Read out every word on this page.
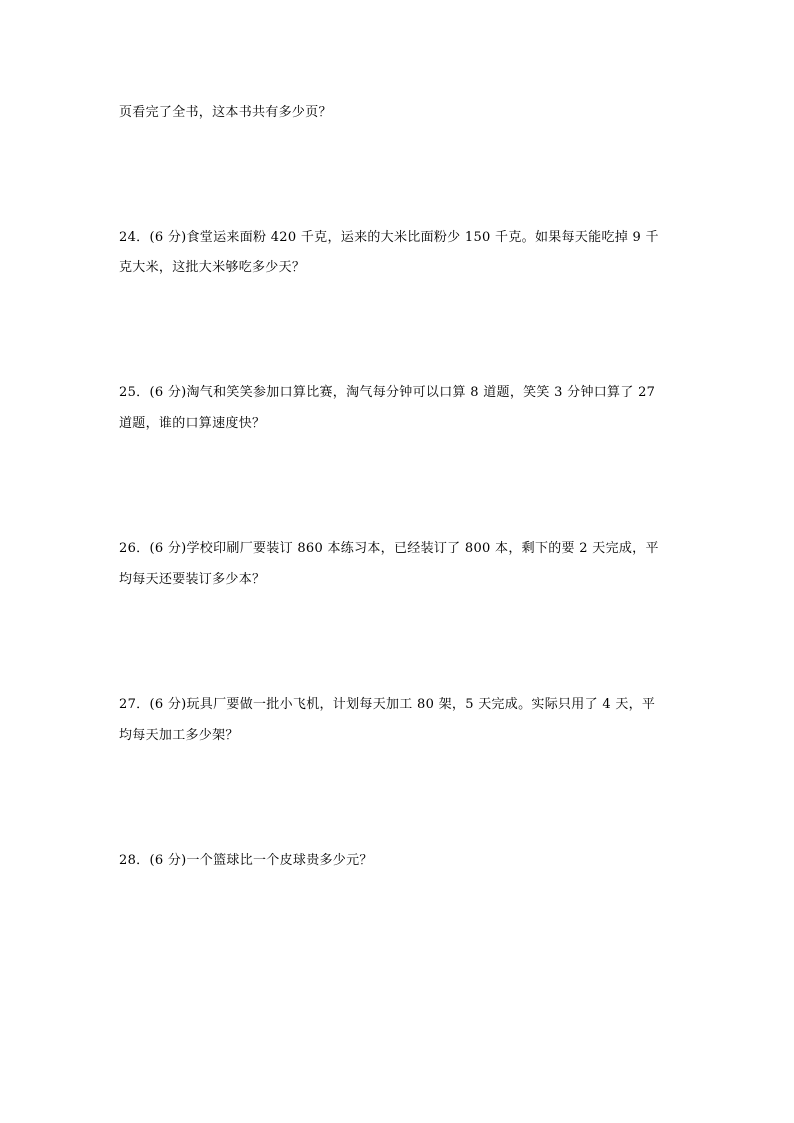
页看完了全书，这本书共有多少页？
24．(6 分)食堂运来面粉 420 千克，运来的大米比面粉少 150 千克。如果每天能吃掉 9 千
克大米，这批大米够吃多少天？
25．(6 分)淘气和笑笑参加口算比赛，淘气每分钟可以口算 8 道题，笑笑 3 分钟口算了 27
道题，谁的口算速度快？
26．(6 分)学校印刷厂要装订 860 本练习本，已经装订了 800 本，剩下的要 2 天完成，平
均每天还要装订多少本？
27．(6 分)玩具厂要做一批小飞机，计划每天加工 80 架，5 天完成。实际只用了 4 天，平
均每天加工多少架？
28．(6 分)一个篮球比一个皮球贵多少元？
